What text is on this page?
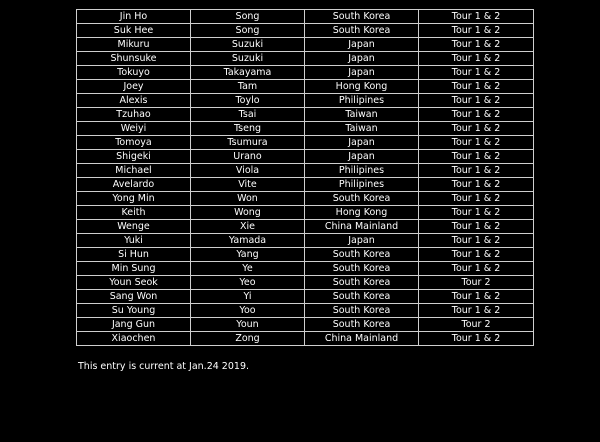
Jin Ho	Song	South Korea	Tour 1 & 2
Suk Hee	Song	South Korea	Tour 1 & 2
Mikuru	Suzuki	Japan	Tour 1 & 2
Shunsuke	Suzuki	Japan	Tour 1 & 2
Tokuyo	Takayama	Japan	Tour 1 & 2
Joey	Tam	Hong Kong	Tour 1 & 2
Alexis	Toylo	Philipines	Tour 1 & 2
Tzuhao	Tsai	Taiwan	Tour 1 & 2
Weiyi	Tseng	Taiwan	Tour 1 & 2
Tomoya	Tsumura	Japan	Tour 1 & 2
Shigeki	Urano	Japan	Tour 1 & 2
Michael	Viola	Philipines	Tour 1 & 2
Avelardo	Vite	Philipines	Tour 1 & 2
Yong Min	Won	South Korea	Tour 1 & 2
Keith	Wong	Hong Kong	Tour 1 & 2
Wenge	Xie	China Mainland	Tour 1 & 2
Yuki	Yamada	Japan	Tour 1 & 2
Si Hun	Yang	South Korea	Tour 1 & 2
Min Sung	Ye	South Korea	Tour 1 & 2
Youn Seok	Yeo	South Korea	Tour 2
Sang Won	Yi	South Korea	Tour 1 & 2
Su Young	Yoo	South Korea	Tour 1 & 2
Jang Gun	Youn	South Korea	Tour 2
Xiaochen	Zong	China Mainland	Tour 1 & 2
This entry is current at Jan.24 2019.
